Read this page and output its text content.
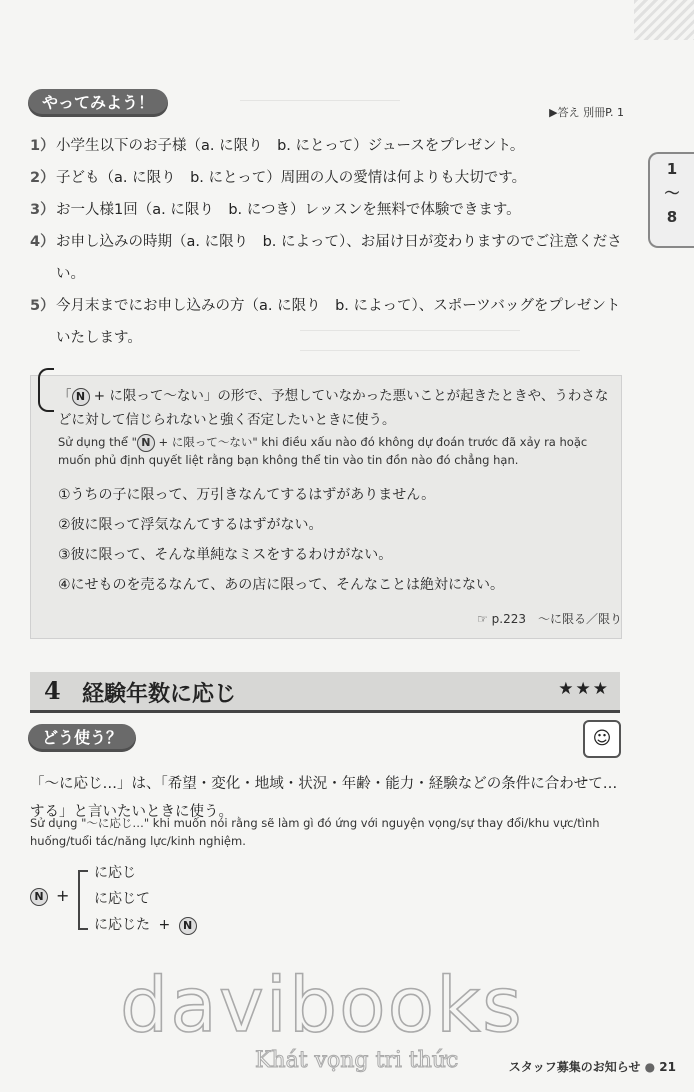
やってみよう！
▶答え 別冊P. 1
1
〜
8
1） 小学生以下のお子様（a. に限り　b. にとって）ジュースをプレゼント。
2） 子ども（a. に限り　b. にとって）周囲の人の愛情は何よりも大切です。
3） お一人様1回（a. に限り　b. につき）レッスンを無料で体験できます。
4） お申し込みの時期（a. に限り　b. によって）、お届け日が変わりますのでご注意ください。
5） 今月末までにお申し込みの方（a. に限り　b. によって）、スポーツバッグをプレゼントいたします。
「 N + に限って〜ない」の形で、予想していなかった悪いことが起きたときや、うわさなどに対して信じられないと強く否定したいときに使う。
Sử dụng thể " N + に限って〜ない" khi điều xấu nào đó không dự đoán trước đã xảy ra hoặc muốn phủ định quyết liệt rằng bạn không thể tin vào tin đồn nào đó chẳng hạn.
①うちの子に限って、万引きなんてするはずがありません。
②彼に限って浮気なんてするはずがない。
③彼に限って、そんな単純なミスをするわけがない。
④にせものを売るなんて、あの店に限って、そんなことは絶対にない。
☞ p.223　〜に限る／限り
4 経験年数に応じ	★★★
どう使う？	☺
「〜に応じ…」は、「希望・変化・地域・状況・年齢・能力・経験などの条件に合わせて…する」と言いたいときに使う。
Sử dụng "〜に応じ…" khi muốn nói rằng sẽ làm gì đó ứng với nguyện vọng/sự thay đổi/khu vực/tình huống/tuổi tác/năng lực/kinh nghiệm.
N +
に応じ
に応じて
に応じた + N
davibooks
Khát vọng tri thức	スタッフ募集のお知らせ ● 21
